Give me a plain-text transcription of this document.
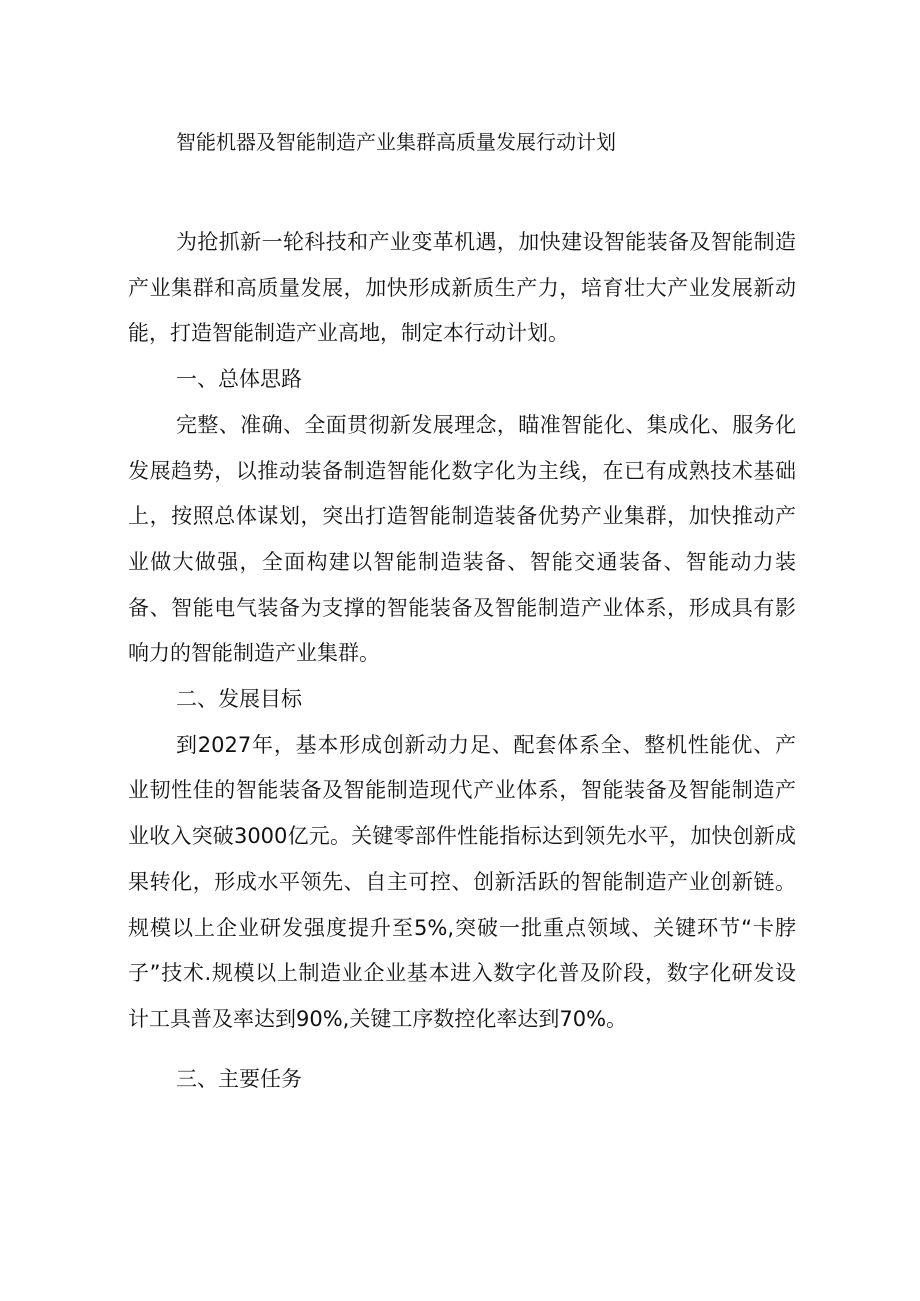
智能机器及智能制造产业集群高质量发展行动计划

为抢抓新一轮科技和产业变革机遇，加快建设智能装备及智能制造产业集群和高质量发展，加快形成新质生产力，培育壮大产业发展新动能，打造智能制造产业高地，制定本行动计划。

一、总体思路

完整、准确、全面贯彻新发展理念，瞄准智能化、集成化、服务化发展趋势，以推动装备制造智能化数字化为主线，在已有成熟技术基础上，按照总体谋划，突出打造智能制造装备优势产业集群，加快推动产业做大做强，全面构建以智能制造装备、智能交通装备、智能动力装备、智能电气装备为支撑的智能装备及智能制造产业体系，形成具有影响力的智能制造产业集群。

二、发展目标

到2027年，基本形成创新动力足、配套体系全、整机性能优、产业韧性佳的智能装备及智能制造现代产业体系，智能装备及智能制造产业收入突破3000亿元。关键零部件性能指标达到领先水平，加快创新成果转化，形成水平领先、自主可控、创新活跃的智能制造产业创新链。规模以上企业研发强度提升至5%,突破一批重点领域、关键环节“卡脖子”技术.规模以上制造业企业基本进入数字化普及阶段，数字化研发设计工具普及率达到90%,关键工序数控化率达到70%。

三、主要任务
